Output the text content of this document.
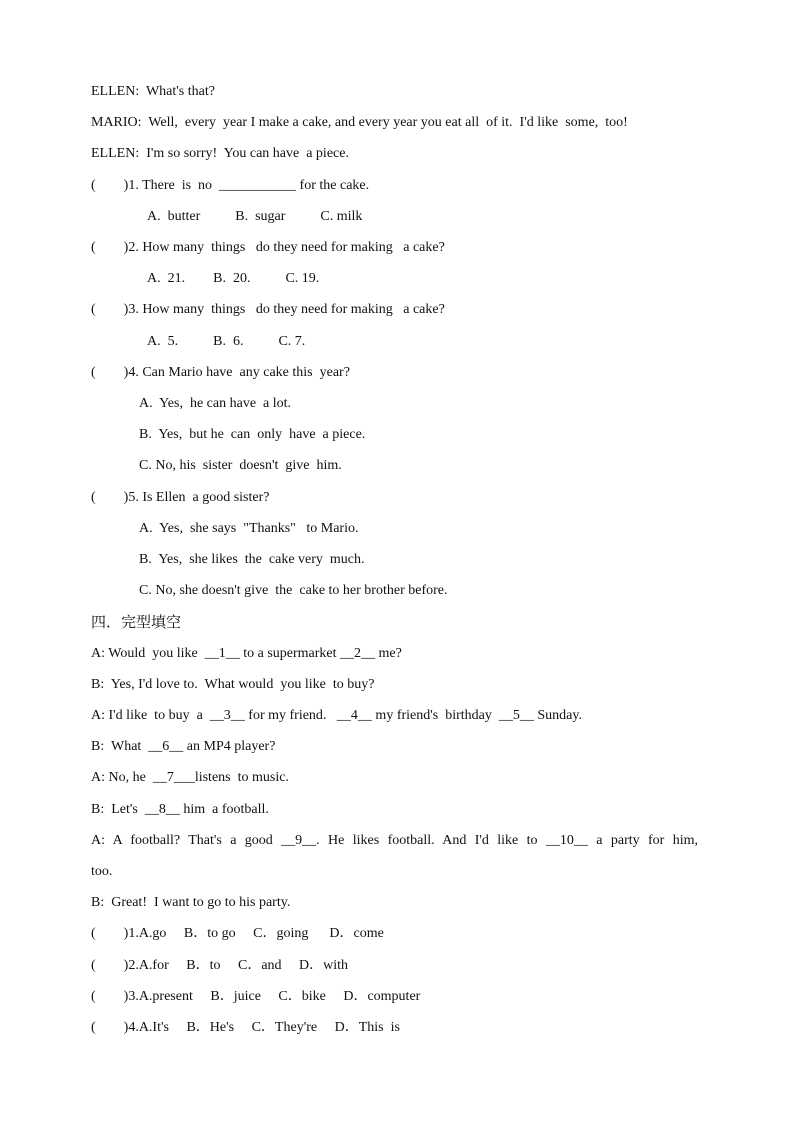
ELLEN:  What's that?
MARIO:  Well,  every  year I make a cake, and every year you eat all  of it.  I'd like  some,  too!
ELLEN:  I'm so sorry!  You can have  a piece.
(        )1. There  is  no  ___________ for the cake.
A.  butter          B.  sugar          C. milk
(        )2. How many  things   do they need for making   a cake?
A.  21.        B.  20.          C. 19.
(        )3. How many  things   do they need for making   a cake?
A.  5.          B.  6.          C. 7.
(        )4. Can Mario have  any cake this  year?
A.  Yes,  he can have  a lot.
B.  Yes,  but he  can  only  have  a piece.
C. No, his  sister  doesn't  give  him.
(        )5. Is Ellen  a good sister?
A.  Yes,  she says  "Thanks"   to Mario.
B.  Yes,  she likes  the  cake very  much.
C. No, she doesn't give  the  cake to her brother before.
四．完型填空
A: Would  you like  __1__ to a supermarket __2__ me?
B:  Yes, I'd love to.  What would  you like  to buy?
A: I'd like  to buy  a  __3__ for my friend.   __4__ my friend's  birthday  __5__ Sunday.
B:  What  __6__ an MP4 player?
A: No, he  __7___listens  to music.
B:  Let's  __8__ him  a football.
A: A football? That's a good __9__. He likes football. And I'd like to __10__ a party for him,
too.
B:  Great!  I want to go to his party.
(        )1.A.go     B．to go     C．going      D．come
(        )2.A.for     B．to     C．and     D．with
(        )3.A.present     B．juice     C．bike     D．computer
(        )4.A.It's     B．He's     C．They're     D．This  is
